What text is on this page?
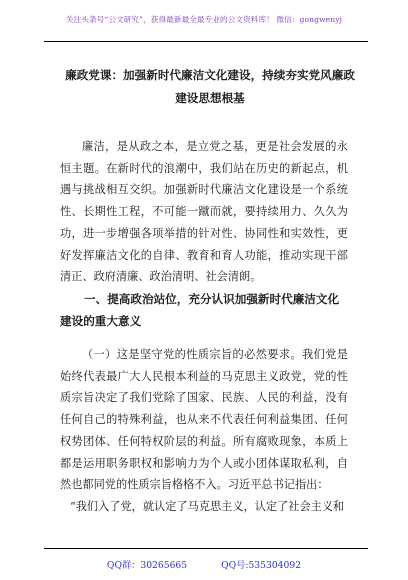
关注头条号“公文研究”，获得最新最全最专业的公文资料库！ 微信：gongwenyj
廉政党课：加强新时代廉洁文化建设，持续夯实党风廉政建设思想根基
廉洁，是从政之本，是立党之基，更是社会发展的永恒主题。在新时代的浪潮中，我们站在历史的新起点，机遇与挑战相互交织。加强新时代廉洁文化建设是一个系统性、长期性工程，不可能一蹴而就，要持续用力、久久为功，进一步增强各项举措的针对性、协同性和实效性，更好发挥廉洁文化的自律、教育和育人功能，推动实现干部清正、政府清廉、政治清明、社会清朗。
一、提高政治站位，充分认识加强新时代廉洁文化建设的重大意义
（一）这是坚守党的性质宗旨的必然要求。我们党是始终代表最广大人民根本利益的马克思主义政党，党的性质宗旨决定了我们党除了国家、民族、人民的利益，没有任何自己的特殊利益，也从来不代表任何利益集团、任何权势团体、任何特权阶层的利益。所有腐败现象，本质上都是运用职务职权和影响力为个人或小团体谋取私利，自然也都同党的性质宗旨格格不入。习近平总书记指出：
“我们入了党，就认定了马克思主义，认定了社会主义和
QQ群：30265665	QQ号:535304092
